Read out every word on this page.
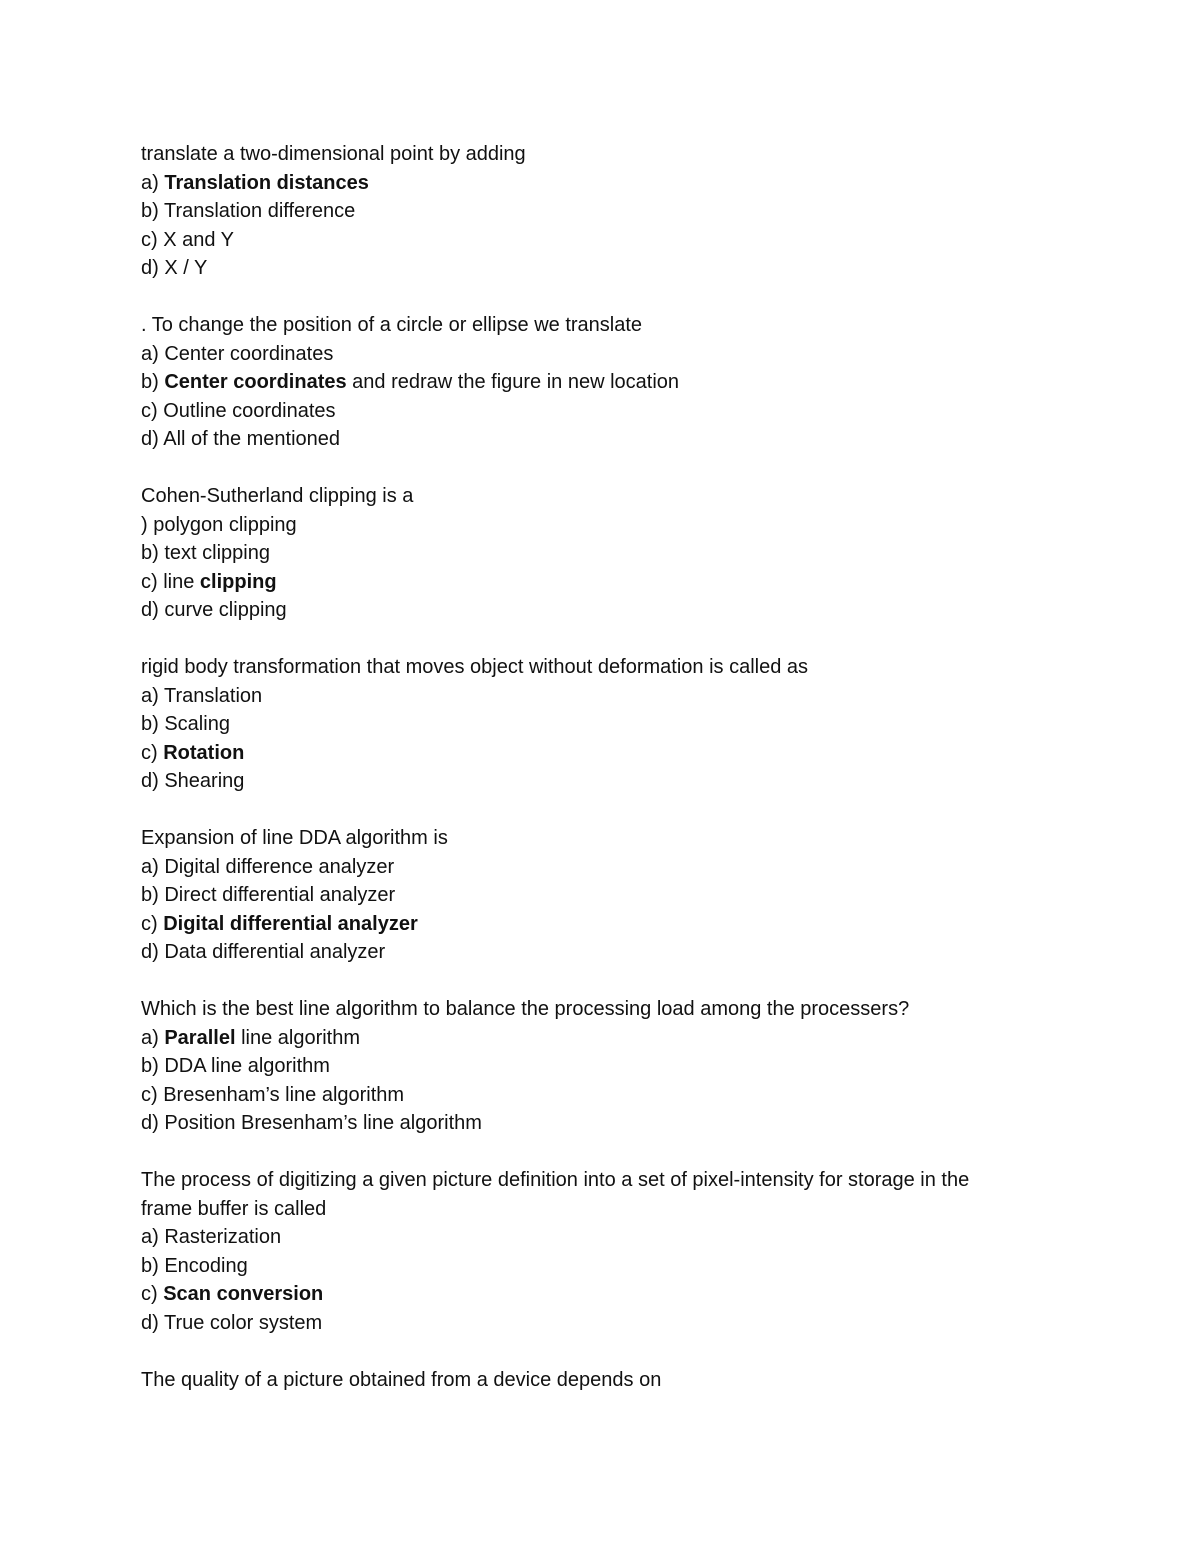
translate a two-dimensional point by adding
a) Translation distances
b) Translation difference
c) X and Y
d) X / Y
. To change the position of a circle or ellipse we translate
a) Center coordinates
b) Center coordinates and redraw the figure in new location
c) Outline coordinates
d) All of the mentioned
Cohen-Sutherland clipping is a
) polygon clipping
b) text clipping
c) line clipping
d) curve clipping
rigid body transformation that moves object without deformation is called as
a) Translation
b) Scaling
c) Rotation
d) Shearing
Expansion of line DDA algorithm is
a) Digital difference analyzer
b) Direct differential analyzer
c) Digital differential analyzer
d) Data differential analyzer
Which is the best line algorithm to balance the processing load among the processers?
a) Parallel line algorithm
b) DDA line algorithm
c) Bresenham’s line algorithm
d) Position Bresenham’s line algorithm
The process of digitizing a given picture definition into a set of pixel-intensity for storage in the
frame buffer is called
a) Rasterization
b) Encoding
c) Scan conversion
d) True color system
The quality of a picture obtained from a device depends on
